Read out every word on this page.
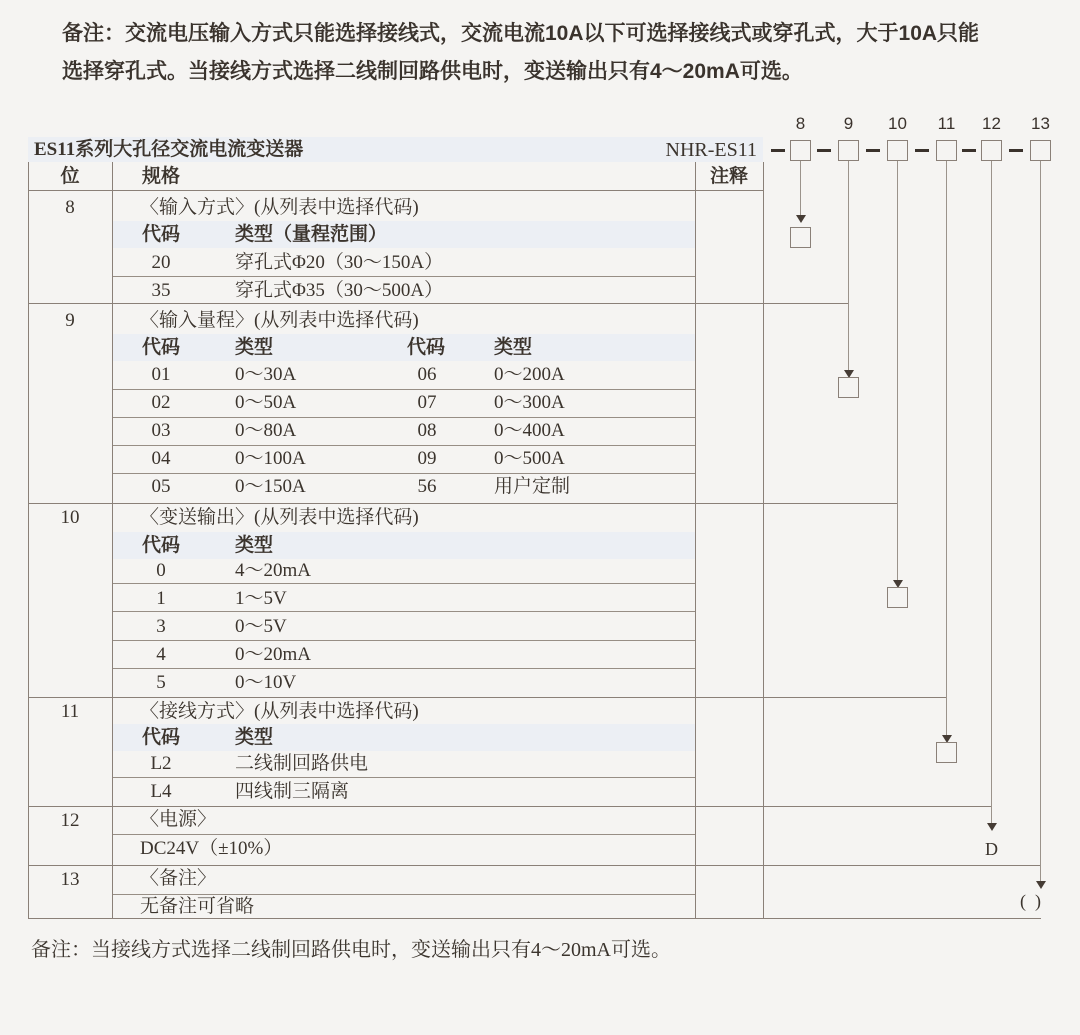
备注：交流电压输入方式只能选择接线式，交流电流10A以下可选择接线式或穿孔式，大于10A只能
选择穿孔式。当接线方式选择二线制回路供电时，变送输出只有4～20mA可选。
ES11系列大孔径交流电流变送器	NHR-ES11
位	规格	注释
8	〈输入方式〉(从列表中选择代码)
代码	类型（量程范围）
20	穿孔式Φ20（30～150A）
35	穿孔式Φ35（30～500A）
9	〈输入量程〉(从列表中选择代码)
代码	类型	代码	类型
01	0～30A	06	0～200A
02	0～50A	07	0～300A
03	0～80A	08	0～400A
04	0～100A	09	0～500A
05	0～150A	56	用户定制
10	〈变送输出〉(从列表中选择代码)
代码	类型
0	4～20mA
1	1～5V
3	0～5V
4	0～20mA
5	0～10V
11	〈接线方式〉(从列表中选择代码)
代码	类型
L2	二线制回路供电
L4	四线制三隔离
12	〈电源〉
DC24V（±10%）
13	〈备注〉
无备注可省略
8	9	10	11	12	13
D
(  )
备注：当接线方式选择二线制回路供电时，变送输出只有4～20mA可选。
